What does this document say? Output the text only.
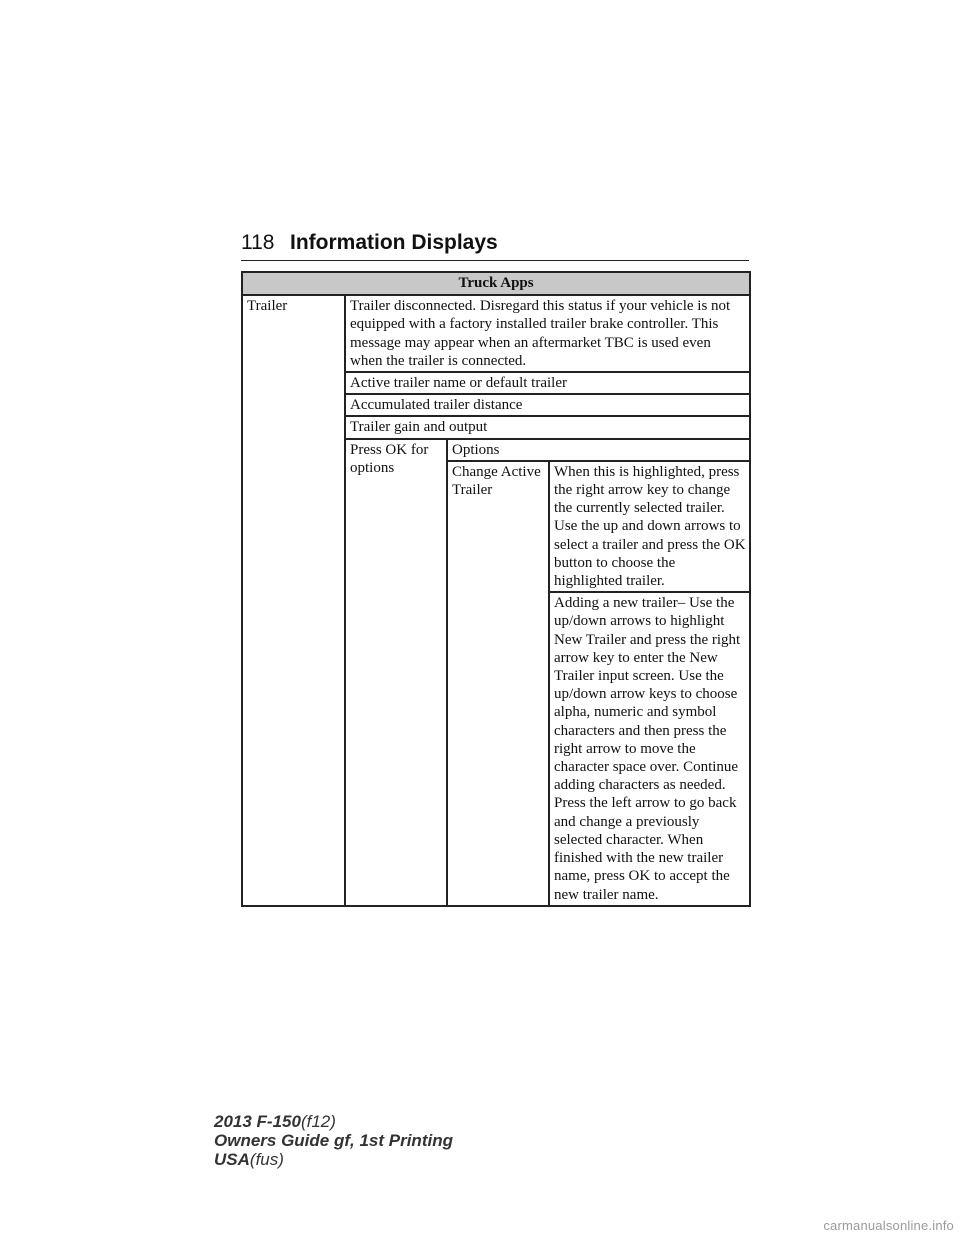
118 Information Displays
Truck Apps			
Trailer	Trailer disconnected. Disregard this status if your vehicle is not equipped with a factory installed trailer brake controller. This message may appear when an aftermarket TBC is used even when the trailer is connected.		
	Active trailer name or default trailer		
	Accumulated trailer distance		
	Trailer gain and output		
	Press OK for options	Options	
		Change Active Trailer	When this is highlighted, press the right arrow key to change the currently selected trailer. Use the up and down arrows to select a trailer and press the OK button to choose the highlighted trailer.
			Adding a new trailer– Use the up/down arrows to highlight New Trailer and press the right arrow key to enter the New Trailer input screen. Use the up/down arrow keys to choose alpha, numeric and symbol characters and then press the right arrow to move the character space over. Continue adding characters as needed. Press the left arrow to go back and change a previously selected character. When finished with the new trailer name, press OK to accept the new trailer name.
2013 F-150(f12)
Owners Guide gf, 1st Printing
USA(fus)
carmanualsonline.info
